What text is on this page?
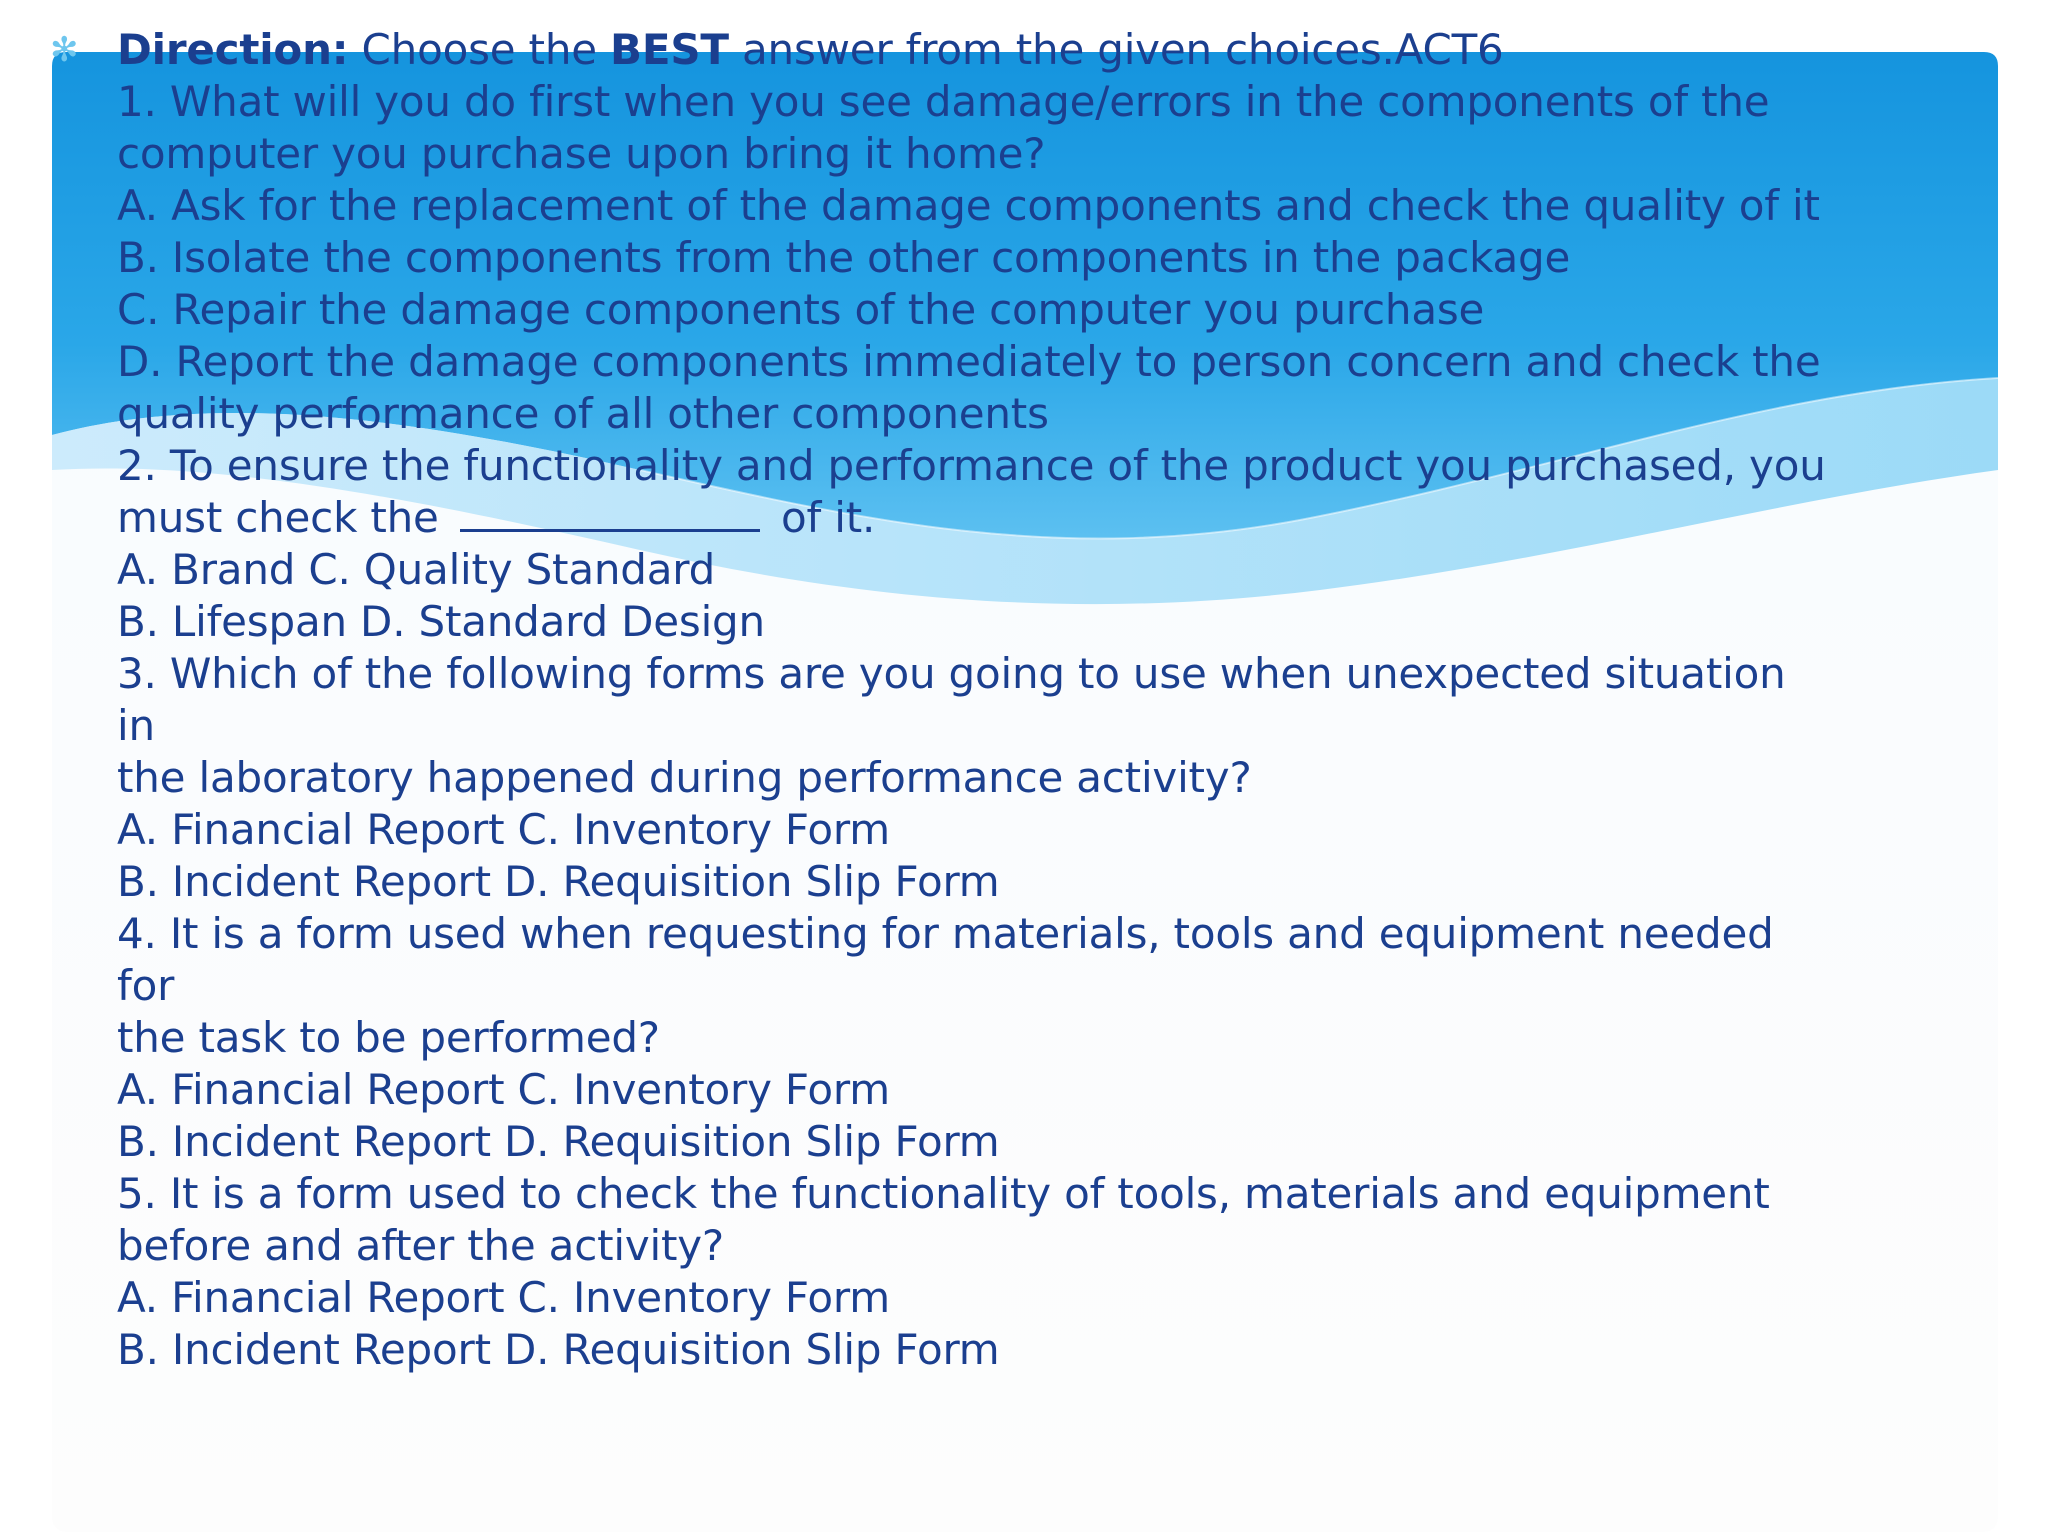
✻ Direction: Choose the BEST answer from the given choices.ACT6
1. What will you do first when you see damage/errors in the components of the
computer you purchase upon bring it home?
A. Ask for the replacement of the damage components and check the quality of it
B. Isolate the components from the other components in the package
C. Repair the damage components of the computer you purchase
D. Report the damage components immediately to person concern and check the
quality performance of all other components
2. To ensure the functionality and performance of the product you purchased, you
must check the	of it.
A. Brand C. Quality Standard
B. Lifespan D. Standard Design
3. Which of the following forms are you going to use when unexpected situation
in
the laboratory happened during performance activity?
A. Financial Report C. Inventory Form
B. Incident Report D. Requisition Slip Form
4. It is a form used when requesting for materials, tools and equipment needed
for
the task to be performed?
A. Financial Report C. Inventory Form
B. Incident Report D. Requisition Slip Form
5. It is a form used to check the functionality of tools, materials and equipment
before and after the activity?
A. Financial Report C. Inventory Form
B. Incident Report D. Requisition Slip Form
